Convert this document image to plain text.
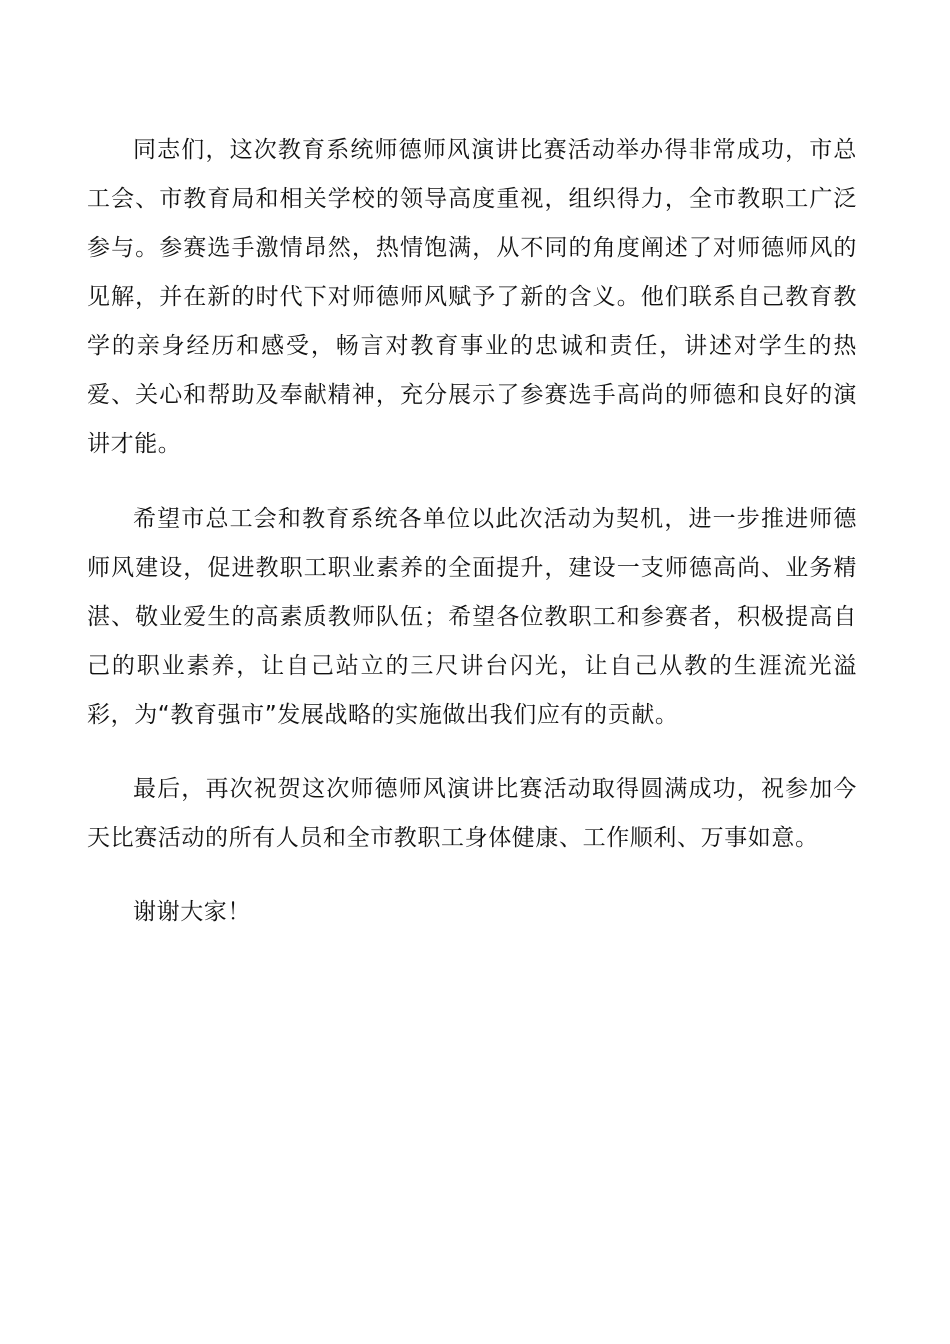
同志们，这次教育系统师德师风演讲比赛活动举办得非常成功，市总工会、市教育局和相关学校的领导高度重视，组织得力，全市教职工广泛参与。参赛选手激情昂然，热情饱满，从不同的角度阐述了对师德师风的见解，并在新的时代下对师德师风赋予了新的含义。他们联系自己教育教学的亲身经历和感受，畅言对教育事业的忠诚和责任，讲述对学生的热爱、关心和帮助及奉献精神，充分展示了参赛选手高尚的师德和良好的演讲才能。

希望市总工会和教育系统各单位以此次活动为契机，进一步推进师德师风建设，促进教职工职业素养的全面提升，建设一支师德高尚、业务精湛、敬业爱生的高素质教师队伍；希望各位教职工和参赛者，积极提高自己的职业素养，让自己站立的三尺讲台闪光，让自己从教的生涯流光溢彩，为“教育强市”发展战略的实施做出我们应有的贡献。

最后，再次祝贺这次师德师风演讲比赛活动取得圆满成功，祝参加今天比赛活动的所有人员和全市教职工身体健康、工作顺利、万事如意。

谢谢大家！
